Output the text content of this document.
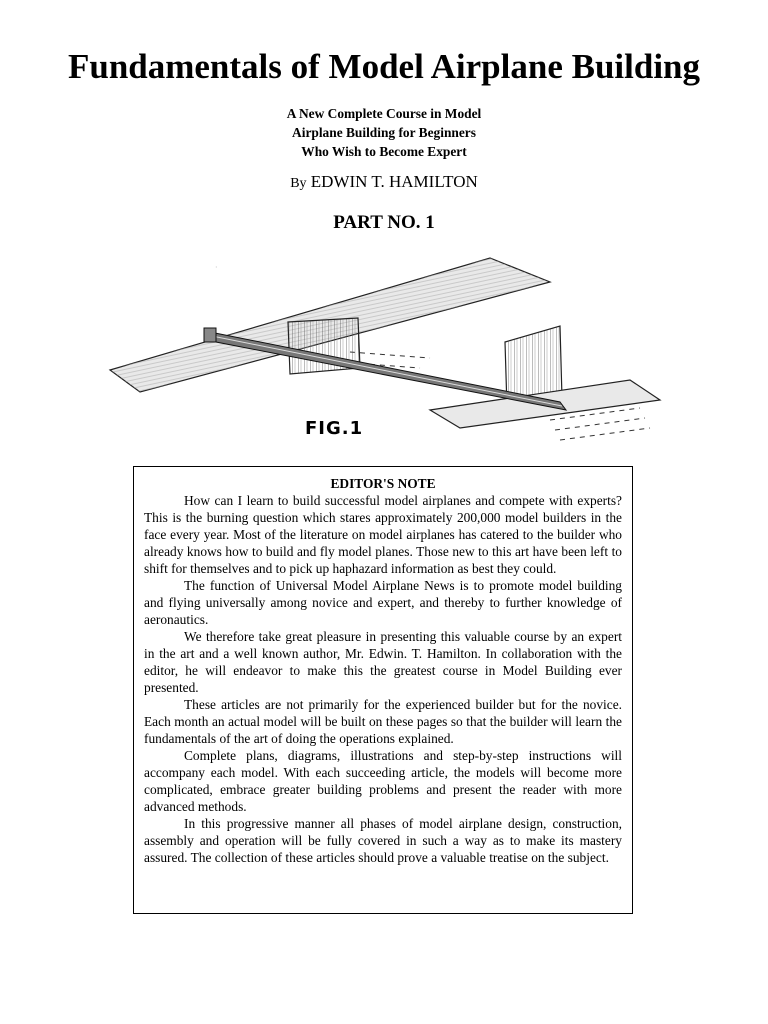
Fundamentals of Model Airplane Building
A New Complete Course in Model
Airplane Building for Beginners
Who Wish to Become Expert
By EDWIN T. HAMILTON
PART NO. 1
·
FIG.1
EDITOR'S NOTE

How can I learn to build successful model airplanes and compete with experts? This is the burning question which stares approximately 200,000 model builders in the face every year. Most of the literature on model airplanes has catered to the builder who already knows how to build and fly model planes. Those new to this art have been left to shift for themselves and to pick up haphazard information as best they could.

The function of Universal Model Airplane News is to promote model building and flying universally among novice and expert, and thereby to further knowledge of aeronautics.

We therefore take great pleasure in presenting this valuable course by an expert in the art and a well known author, Mr. Edwin. T. Hamilton. In collaboration with the editor, he will endeavor to make this the greatest course in Model Building ever presented.

These articles are not primarily for the experienced builder but for the novice. Each month an actual model will be built on these pages so that the builder will learn the fundamentals of the art of doing the operations explained.

Complete plans, diagrams, illustrations and step-by-step instructions will accompany each model. With each succeeding article, the models will become more complicated, embrace greater building problems and present the reader with more advanced methods.

In this progressive manner all phases of model airplane design, construction, assembly and operation will be fully covered in such a way as to make its mastery assured. The collection of these articles should prove a valuable treatise on the subject.
